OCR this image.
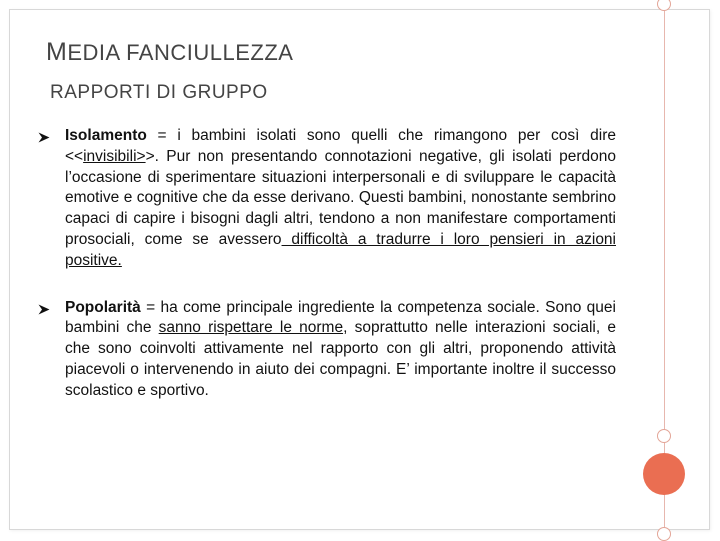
MEDIA FANCIULLEZZA
RAPPORTI DI GRUPPO
Isolamento = i bambini isolati sono quelli che rimangono per così dire <<invisibili>>. Pur non presentando connotazioni negative, gli isolati perdono l’occasione di sperimentare situazioni interpersonali e di sviluppare le capacità emotive e cognitive che da esse derivano. Questi bambini, nonostante sembrino capaci di capire i bisogni dagli altri, tendono a non manifestare comportamenti prosociali, come se avessero difficoltà a tradurre i loro pensieri in azioni positive.
Popolarità = ha come principale ingrediente la competenza sociale. Sono quei bambini che sanno rispettare le norme, soprattutto nelle interazioni sociali, e che sono coinvolti attivamente nel rapporto con gli altri, proponendo attività piacevoli o intervenendo in aiuto dei compagni. E’ importante inoltre il successo scolastico e sportivo.
